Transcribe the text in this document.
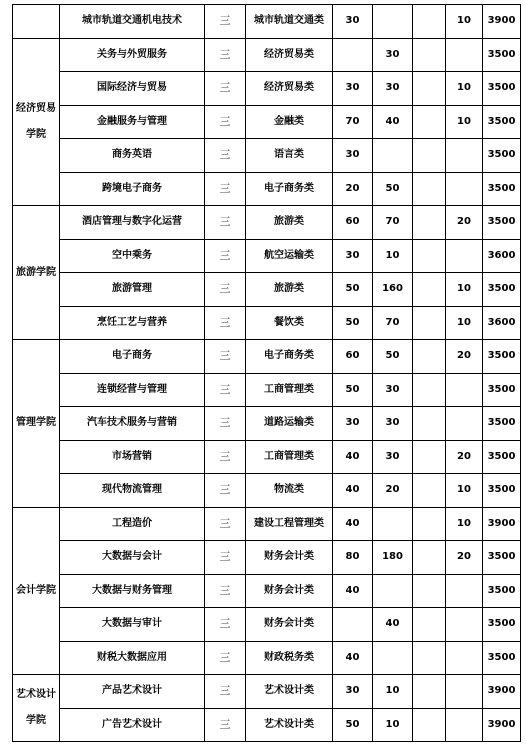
	城市轨道交通机电技术	三	城市轨道交通类	30			10	3900
经济贸易学院	关务与外贸服务	三	经济贸易类		30			3500
	国际经济与贸易	三	经济贸易类	30	30		10	3500
	金融服务与管理	三	金融类	70	40		10	3500
	商务英语	三	语言类	30				3500
	跨境电子商务	三	电子商务类	20	50			3500
旅游学院	酒店管理与数字化运营	三	旅游类	60	70		20	3500
	空中乘务	三	航空运输类	30	10			3600
	旅游管理	三	旅游类	50	160		10	3500
	烹饪工艺与营养	三	餐饮类	50	70		10	3600
管理学院	电子商务	三	电子商务类	60	50		20	3500
	连锁经营与管理	三	工商管理类	50	30			3500
	汽车技术服务与营销	三	道路运输类	30	30			3500
	市场营销	三	工商管理类	40	30		20	3500
	现代物流管理	三	物流类	40	20		10	3500
会计学院	工程造价	三	建设工程管理类	40			10	3900
	大数据与会计	三	财务会计类	80	180		20	3500
	大数据与财务管理	三	财务会计类	40				3500
	大数据与审计	三	财务会计类		40			3500
	财税大数据应用	三	财政税务类	40				3500
艺术设计学院	产品艺术设计	三	艺术设计类	30	10			3900
	广告艺术设计	三	艺术设计类	50	10			3900
